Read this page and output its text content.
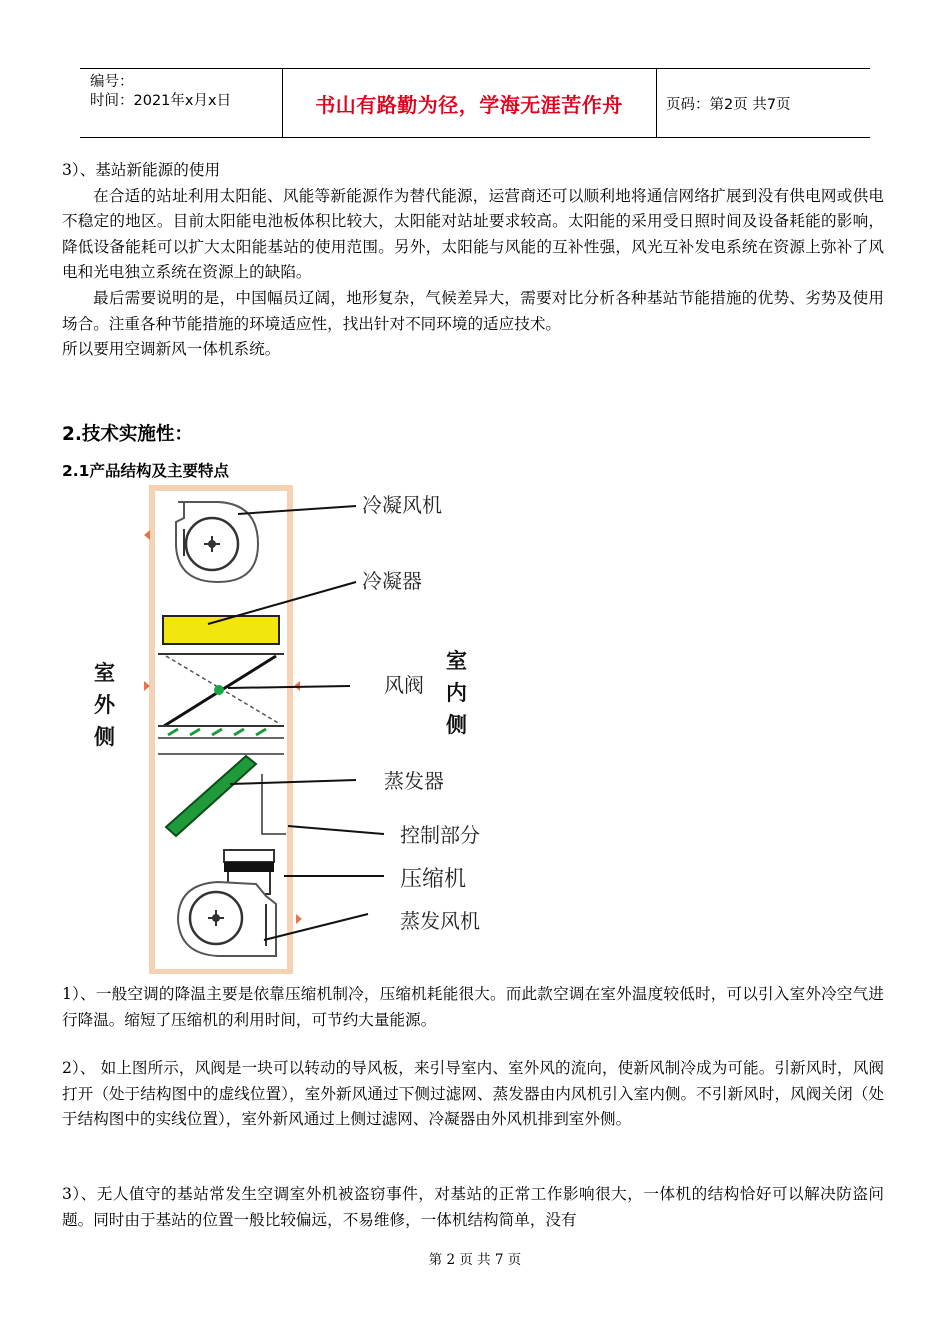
编号：
时间：2021年x月x日	书山有路勤为径，学海无涯苦作舟	页码：第2页 共7页

3）、基站新能源的使用

在合适的站址利用太阳能、风能等新能源作为替代能源，运营商还可以顺利地将通信网络扩展到没有供电网或供电不稳定的地区。目前太阳能电池板体积比较大，太阳能对站址要求较高。太阳能的采用受日照时间及设备耗能的影响，降低设备能耗可以扩大太阳能基站的使用范围。另外，太阳能与风能的互补性强，风光互补发电系统在资源上弥补了风电和光电独立系统在资源上的缺陷。

最后需要说明的是，中国幅员辽阔，地形复杂，气候差异大，需要对比分析各种基站节能措施的优势、劣势及使用场合。注重各种节能措施的环境适应性，找出针对不同环境的适应技术。

所以要用空调新风一体机系统。

2.技术实施性：
2.1产品结构及主要特点
冷凝风机
冷凝器
风阀
蒸发器
控制部分
压缩机
蒸发风机
室
外
侧
室
内
侧

1）、一般空调的降温主要是依靠压缩机制冷，压缩机耗能很大。而此款空调在室外温度较低时，可以引入室外冷空气进行降温。缩短了压缩机的利用时间，可节约大量能源。

2）、 如上图所示，风阀是一块可以转动的导风板，来引导室内、室外风的流向，使新风制冷成为可能。引新风时，风阀打开（处于结构图中的虚线位置），室外新风通过下侧过滤网、蒸发器由内风机引入室内侧。不引新风时，风阀关闭（处于结构图中的实线位置），室外新风通过上侧过滤网、冷凝器由外风机排到室外侧。

3）、无人值守的基站常发生空调室外机被盗窃事件，对基站的正常工作影响很大，一体机的结构恰好可以解决防盗问题。同时由于基站的位置一般比较偏远，不易维修，一体机结构简单，没有

第 2 页 共 7 页
